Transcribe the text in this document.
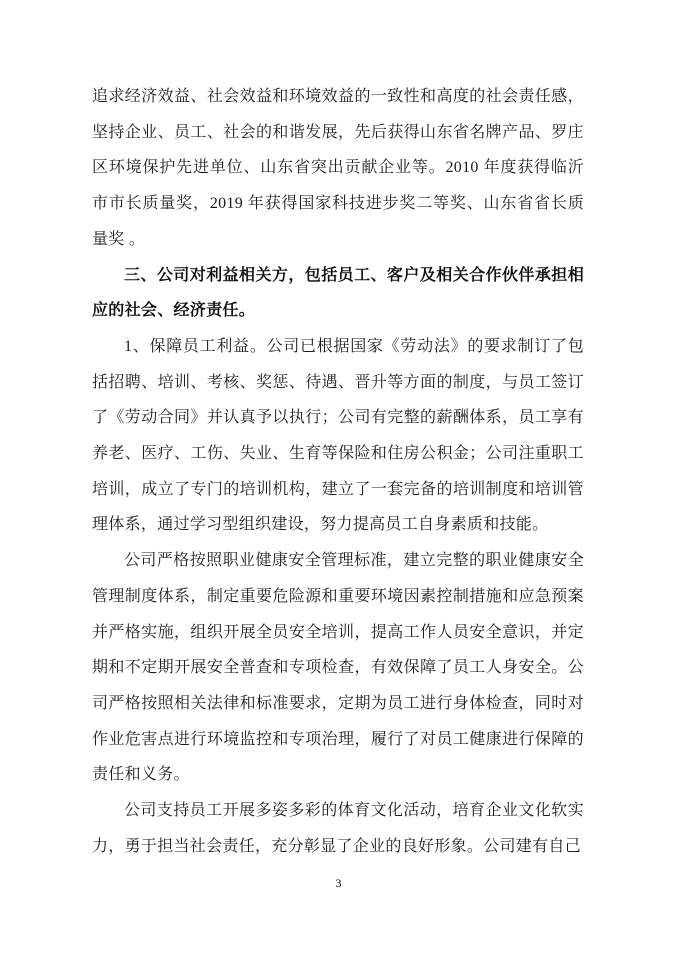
追求经济效益、社会效益和环境效益的一致性和高度的社会责任感，坚持企业、员工、社会的和谐发展，先后获得山东省名牌产品、罗庄区环境保护先进单位、山东省突出贡献企业等。2010 年度获得临沂市市长质量奖，2019 年获得国家科技进步奖二等奖、山东省省长质量奖 。

三、公司对利益相关方，包括员工、客户及相关合作伙伴承担相应的社会、经济责任。

1、保障员工利益。公司已根据国家《劳动法》的要求制订了包括招聘、培训、考核、奖惩、待遇、晋升等方面的制度，与员工签订了《劳动合同》并认真予以执行；公司有完整的薪酬体系，员工享有养老、医疗、工伤、失业、生育等保险和住房公积金；公司注重职工培训，成立了专门的培训机构，建立了一套完备的培训制度和培训管理体系，通过学习型组织建设，努力提高员工自身素质和技能。

公司严格按照职业健康安全管理标准，建立完整的职业健康安全管理制度体系，制定重要危险源和重要环境因素控制措施和应急预案并严格实施，组织开展全员安全培训，提高工作人员安全意识，并定期和不定期开展安全普查和专项检查，有效保障了员工人身安全。公司严格按照相关法律和标准要求，定期为员工进行身体检查，同时对作业危害点进行环境监控和专项治理，履行了对员工健康进行保障的责任和义务。

公司支持员工开展多姿多彩的体育文化活动，培育企业文化软实力，勇于担当社会责任，充分彰显了企业的良好形象。公司建有自己

3
